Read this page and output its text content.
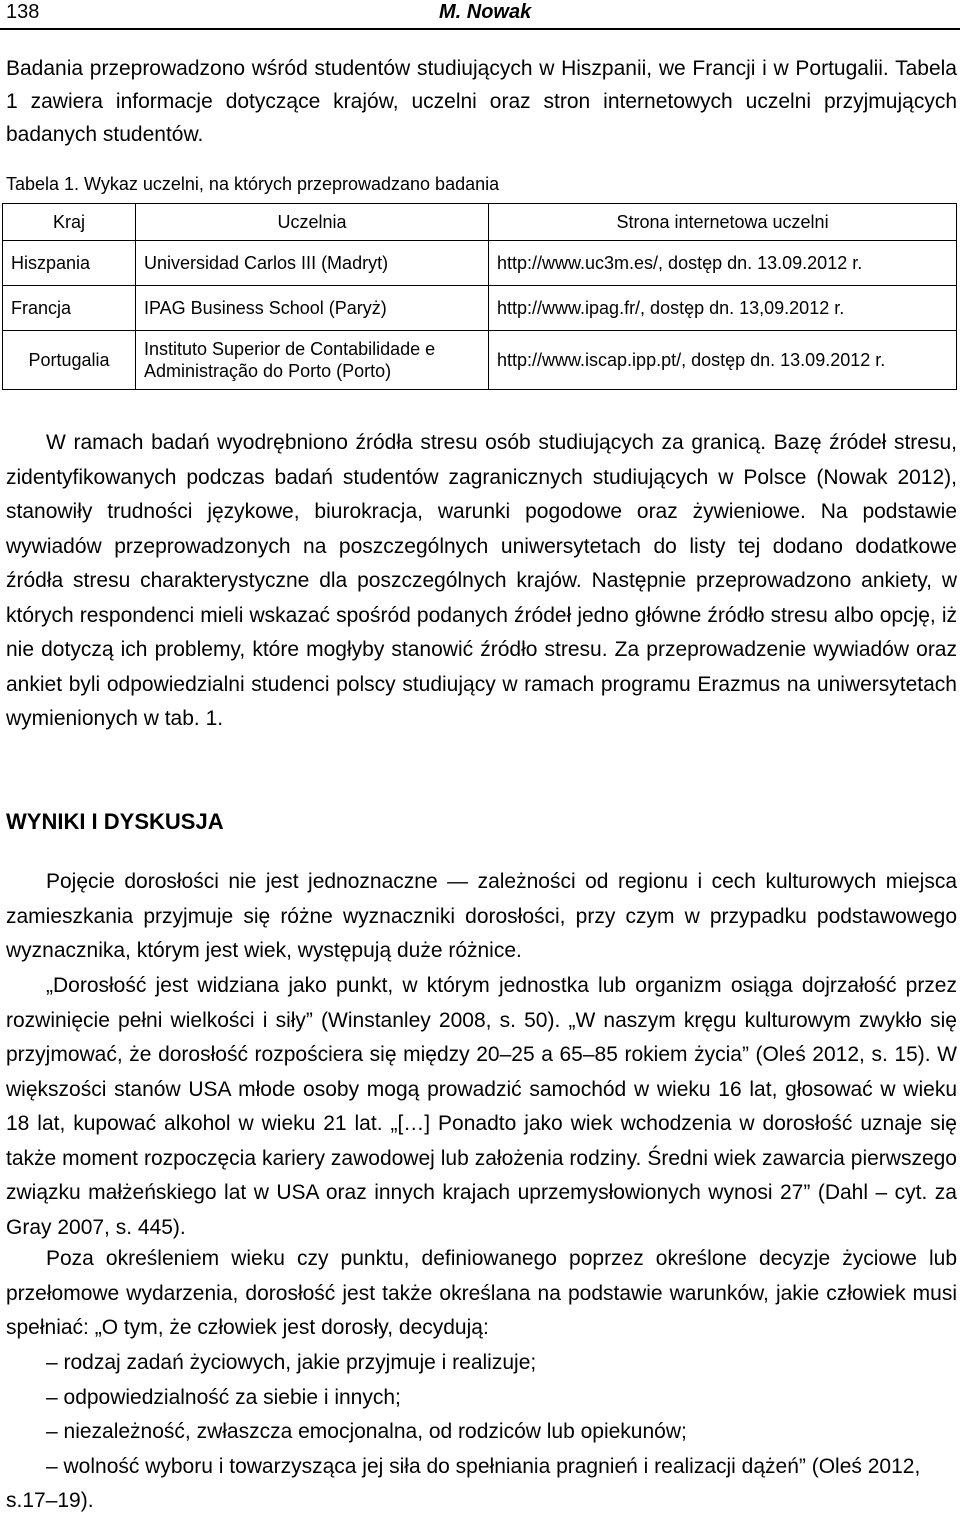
138	M. Nowak

Badania przeprowadzono wśród studentów studiujących w Hiszpanii, we Francji i w Portugalii. Tabela 1 zawiera informacje dotyczące krajów, uczelni oraz stron internetowych uczelni przyjmujących badanych studentów.

Tabela 1. Wykaz uczelni, na których przeprowadzano badania
Kraj	Uczelnia	Strona internetowa uczelni
Hiszpania	Universidad Carlos III (Madryt)	http://www.uc3m.es/, dostęp dn. 13.09.2012 r.
Francja	IPAG Business School (Paryż)	http://www.ipag.fr/, dostęp dn. 13,09.2012 r.
Portugalia	Instituto Superior de Contabilidade e Administração do Porto (Porto)	http://www.iscap.ipp.pt/, dostęp dn. 13.09.2012 r.

W ramach badań wyodrębniono źródła stresu osób studiujących za granicą. Bazę źródeł stresu, zidentyfikowanych podczas badań studentów zagranicznych studiujących w Polsce (Nowak 2012), stanowiły trudności językowe, biurokracja, warunki pogodowe oraz żywieniowe. Na podstawie wywiadów przeprowadzonych na poszczególnych uniwersytetach do listy tej dodano dodatkowe źródła stresu charakterystyczne dla poszczególnych krajów. Następnie przeprowadzono ankiety, w których respondenci mieli wskazać spośród podanych źródeł jedno główne źródło stresu albo opcję, iż nie dotyczą ich problemy, które mogłyby stanowić źródło stresu. Za przeprowadzenie wywiadów oraz ankiet byli odpowiedzialni studenci polscy studiujący w ramach programu Erazmus na uniwersytetach wymienionych w tab. 1.

WYNIKI I DYSKUSJA

Pojęcie dorosłości nie jest jednoznaczne — zależności od regionu i cech kulturowych miejsca zamieszkania przyjmuje się różne wyznaczniki dorosłości, przy czym w przypadku podstawowego wyznacznika, którym jest wiek, występują duże różnice.

„Dorosłość jest widziana jako punkt, w którym jednostka lub organizm osiąga dojrzałość przez rozwinięcie pełni wielkości i siły” (Winstanley 2008, s. 50). „W naszym kręgu kulturowym zwykło się przyjmować, że dorosłość rozpościera się między 20–25 a 65–85 rokiem życia” (Oleś 2012, s. 15). W większości stanów USA młode osoby mogą prowadzić samochód w wieku 16 lat, głosować w wieku 18 lat, kupować alkohol w wieku 21 lat. „[…] Ponadto jako wiek wchodzenia w dorosłość uznaje się także moment rozpoczęcia kariery zawodowej lub założenia rodziny. Średni wiek zawarcia pierwszego związku małżeńskiego lat w USA oraz innych krajach uprzemysłowionych wynosi 27” (Dahl – cyt. za Gray 2007, s. 445).

Poza określeniem wieku czy punktu, definiowanego poprzez określone decyzje życiowe lub przełomowe wydarzenia, dorosłość jest także określana na podstawie warunków, jakie człowiek musi spełniać: „O tym, że człowiek jest dorosły, decydują:

– rodzaj zadań życiowych, jakie przyjmuje i realizuje;

– odpowiedzialność za siebie i innych;

– niezależność, zwłaszcza emocjonalna, od rodziców lub opiekunów;

– wolność wyboru i towarzysząca jej siła do spełniania pragnień i realizacji dążeń” (Oleś 2012, s.17–19).
